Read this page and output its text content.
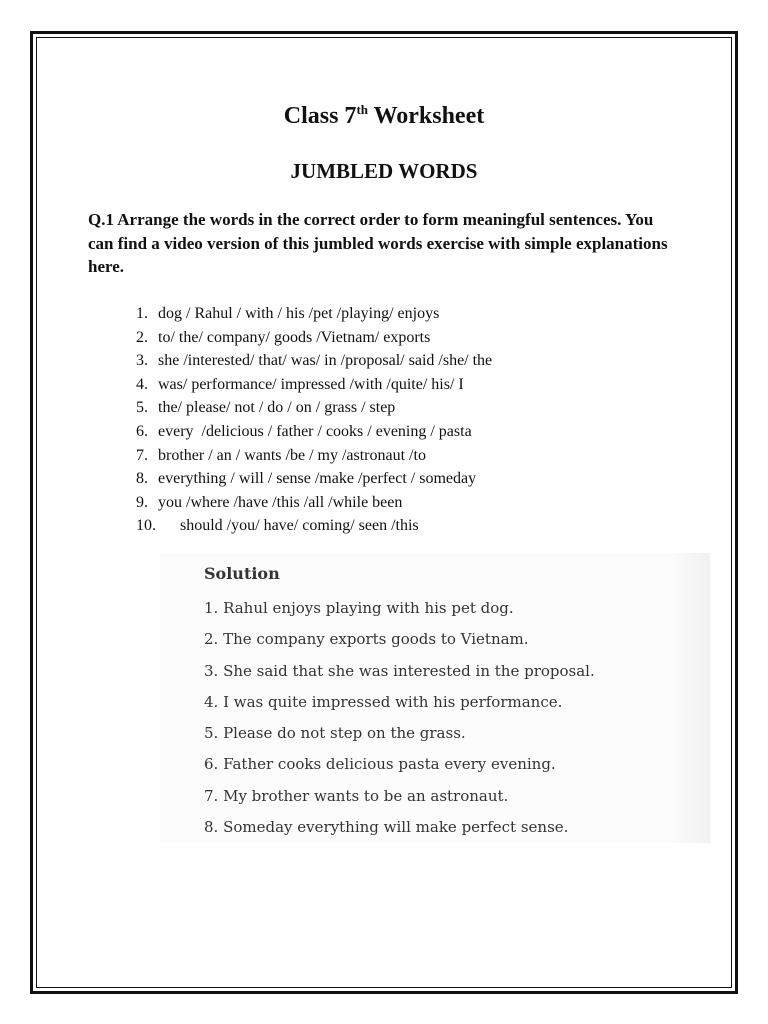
Class 7th Worksheet
JUMBLED WORDS

Q.1 Arrange the words in the correct order to form meaningful sentences. You can find a video version of this jumbled words exercise with simple explanations here.

1. dog / Rahul / with / his /pet /playing/ enjoys
2. to/ the/ company/ goods /Vietnam/ exports
3. she /interested/ that/ was/ in /proposal/ said /she/ the
4. was/ performance/ impressed /with /quite/ his/ I
5. the/ please/ not / do / on / grass / step
6. every  /delicious / father / cooks / evening / pasta
7. brother / an / wants /be / my /astronaut /to
8. everything / will / sense /make /perfect / someday
9. you /where /have /this /all /while been
10. should /you/ have/ coming/ seen /this
Solution
1. Rahul enjoys playing with his pet dog.
2. The company exports goods to Vietnam.
3. She said that she was interested in the proposal.
4. I was quite impressed with his performance.
5. Please do not step on the grass.
6. Father cooks delicious pasta every evening.
7. My brother wants to be an astronaut.
8. Someday everything will make perfect sense.
